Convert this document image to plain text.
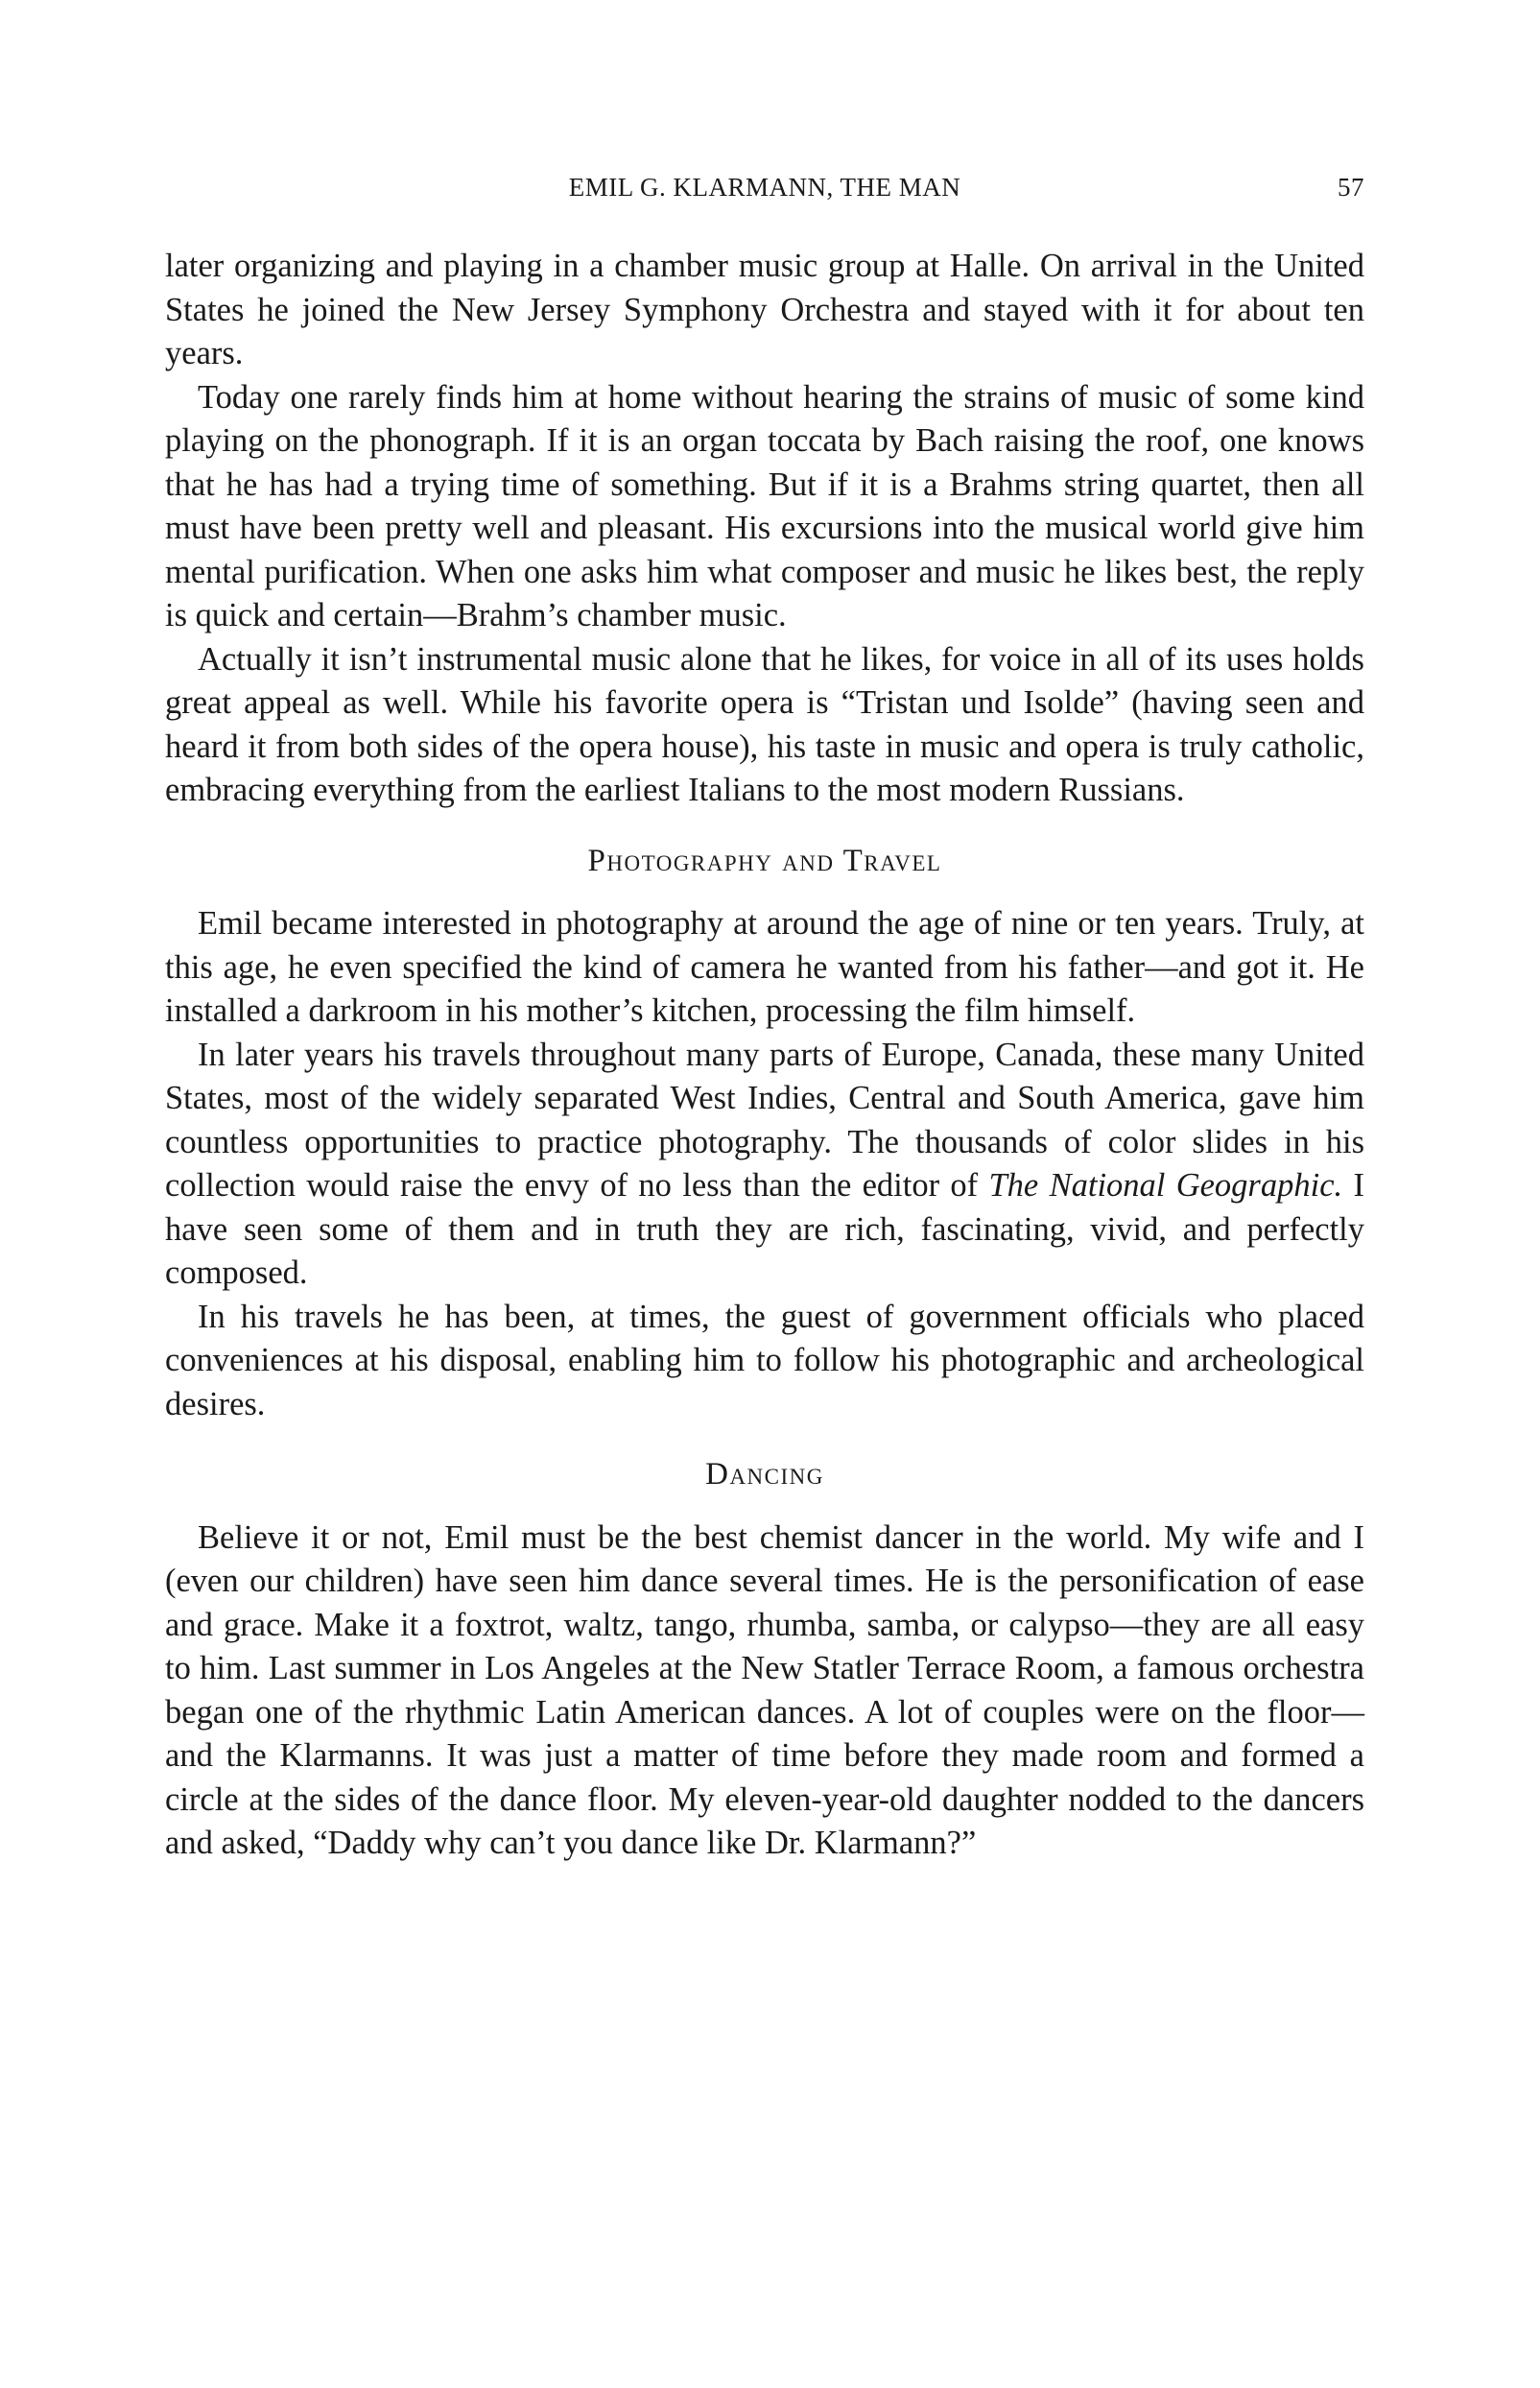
EMIL G. KLARMANN, THE MAN	57

later organizing and playing in a chamber music group at Halle. On arrival in the United States he joined the New Jersey Symphony Orchestra and stayed with it for about ten years.

Today one rarely finds him at home without hearing the strains of music of some kind playing on the phonograph. If it is an organ toccata by Bach raising the roof, one knows that he has had a trying time of something. But if it is a Brahms string quartet, then all must have been pretty well and pleasant. His excursions into the musical world give him mental purification. When one asks him what composer and music he likes best, the reply is quick and certain—Brahm’s chamber music.

Actually it isn’t instrumental music alone that he likes, for voice in all of its uses holds great appeal as well. While his favorite opera is “Tristan und Isolde” (having seen and heard it from both sides of the opera house), his taste in music and opera is truly catholic, embracing everything from the earliest Italians to the most modern Russians.

Photography and Travel

Emil became interested in photography at around the age of nine or ten years. Truly, at this age, he even specified the kind of camera he wanted from his father—and got it. He installed a darkroom in his mother’s kitchen, processing the film himself.

In later years his travels throughout many parts of Europe, Canada, these many United States, most of the widely separated West Indies, Central and South America, gave him countless opportunities to practice photography. The thousands of color slides in his collection would raise the envy of no less than the editor of The National Geographic. I have seen some of them and in truth they are rich, fascinating, vivid, and perfectly composed.

In his travels he has been, at times, the guest of government officials who placed conveniences at his disposal, enabling him to follow his photographic and archeological desires.

Dancing

Believe it or not, Emil must be the best chemist dancer in the world. My wife and I (even our children) have seen him dance several times. He is the personification of ease and grace. Make it a foxtrot, waltz, tango, rhumba, samba, or calypso—they are all easy to him. Last summer in Los Angeles at the New Statler Terrace Room, a famous orchestra began one of the rhythmic Latin American dances. A lot of couples were on the floor—and the Klarmanns. It was just a matter of time before they made room and formed a circle at the sides of the dance floor. My eleven-year-old daughter nodded to the dancers and asked, “Daddy why can’t you dance like Dr. Klarmann?”
